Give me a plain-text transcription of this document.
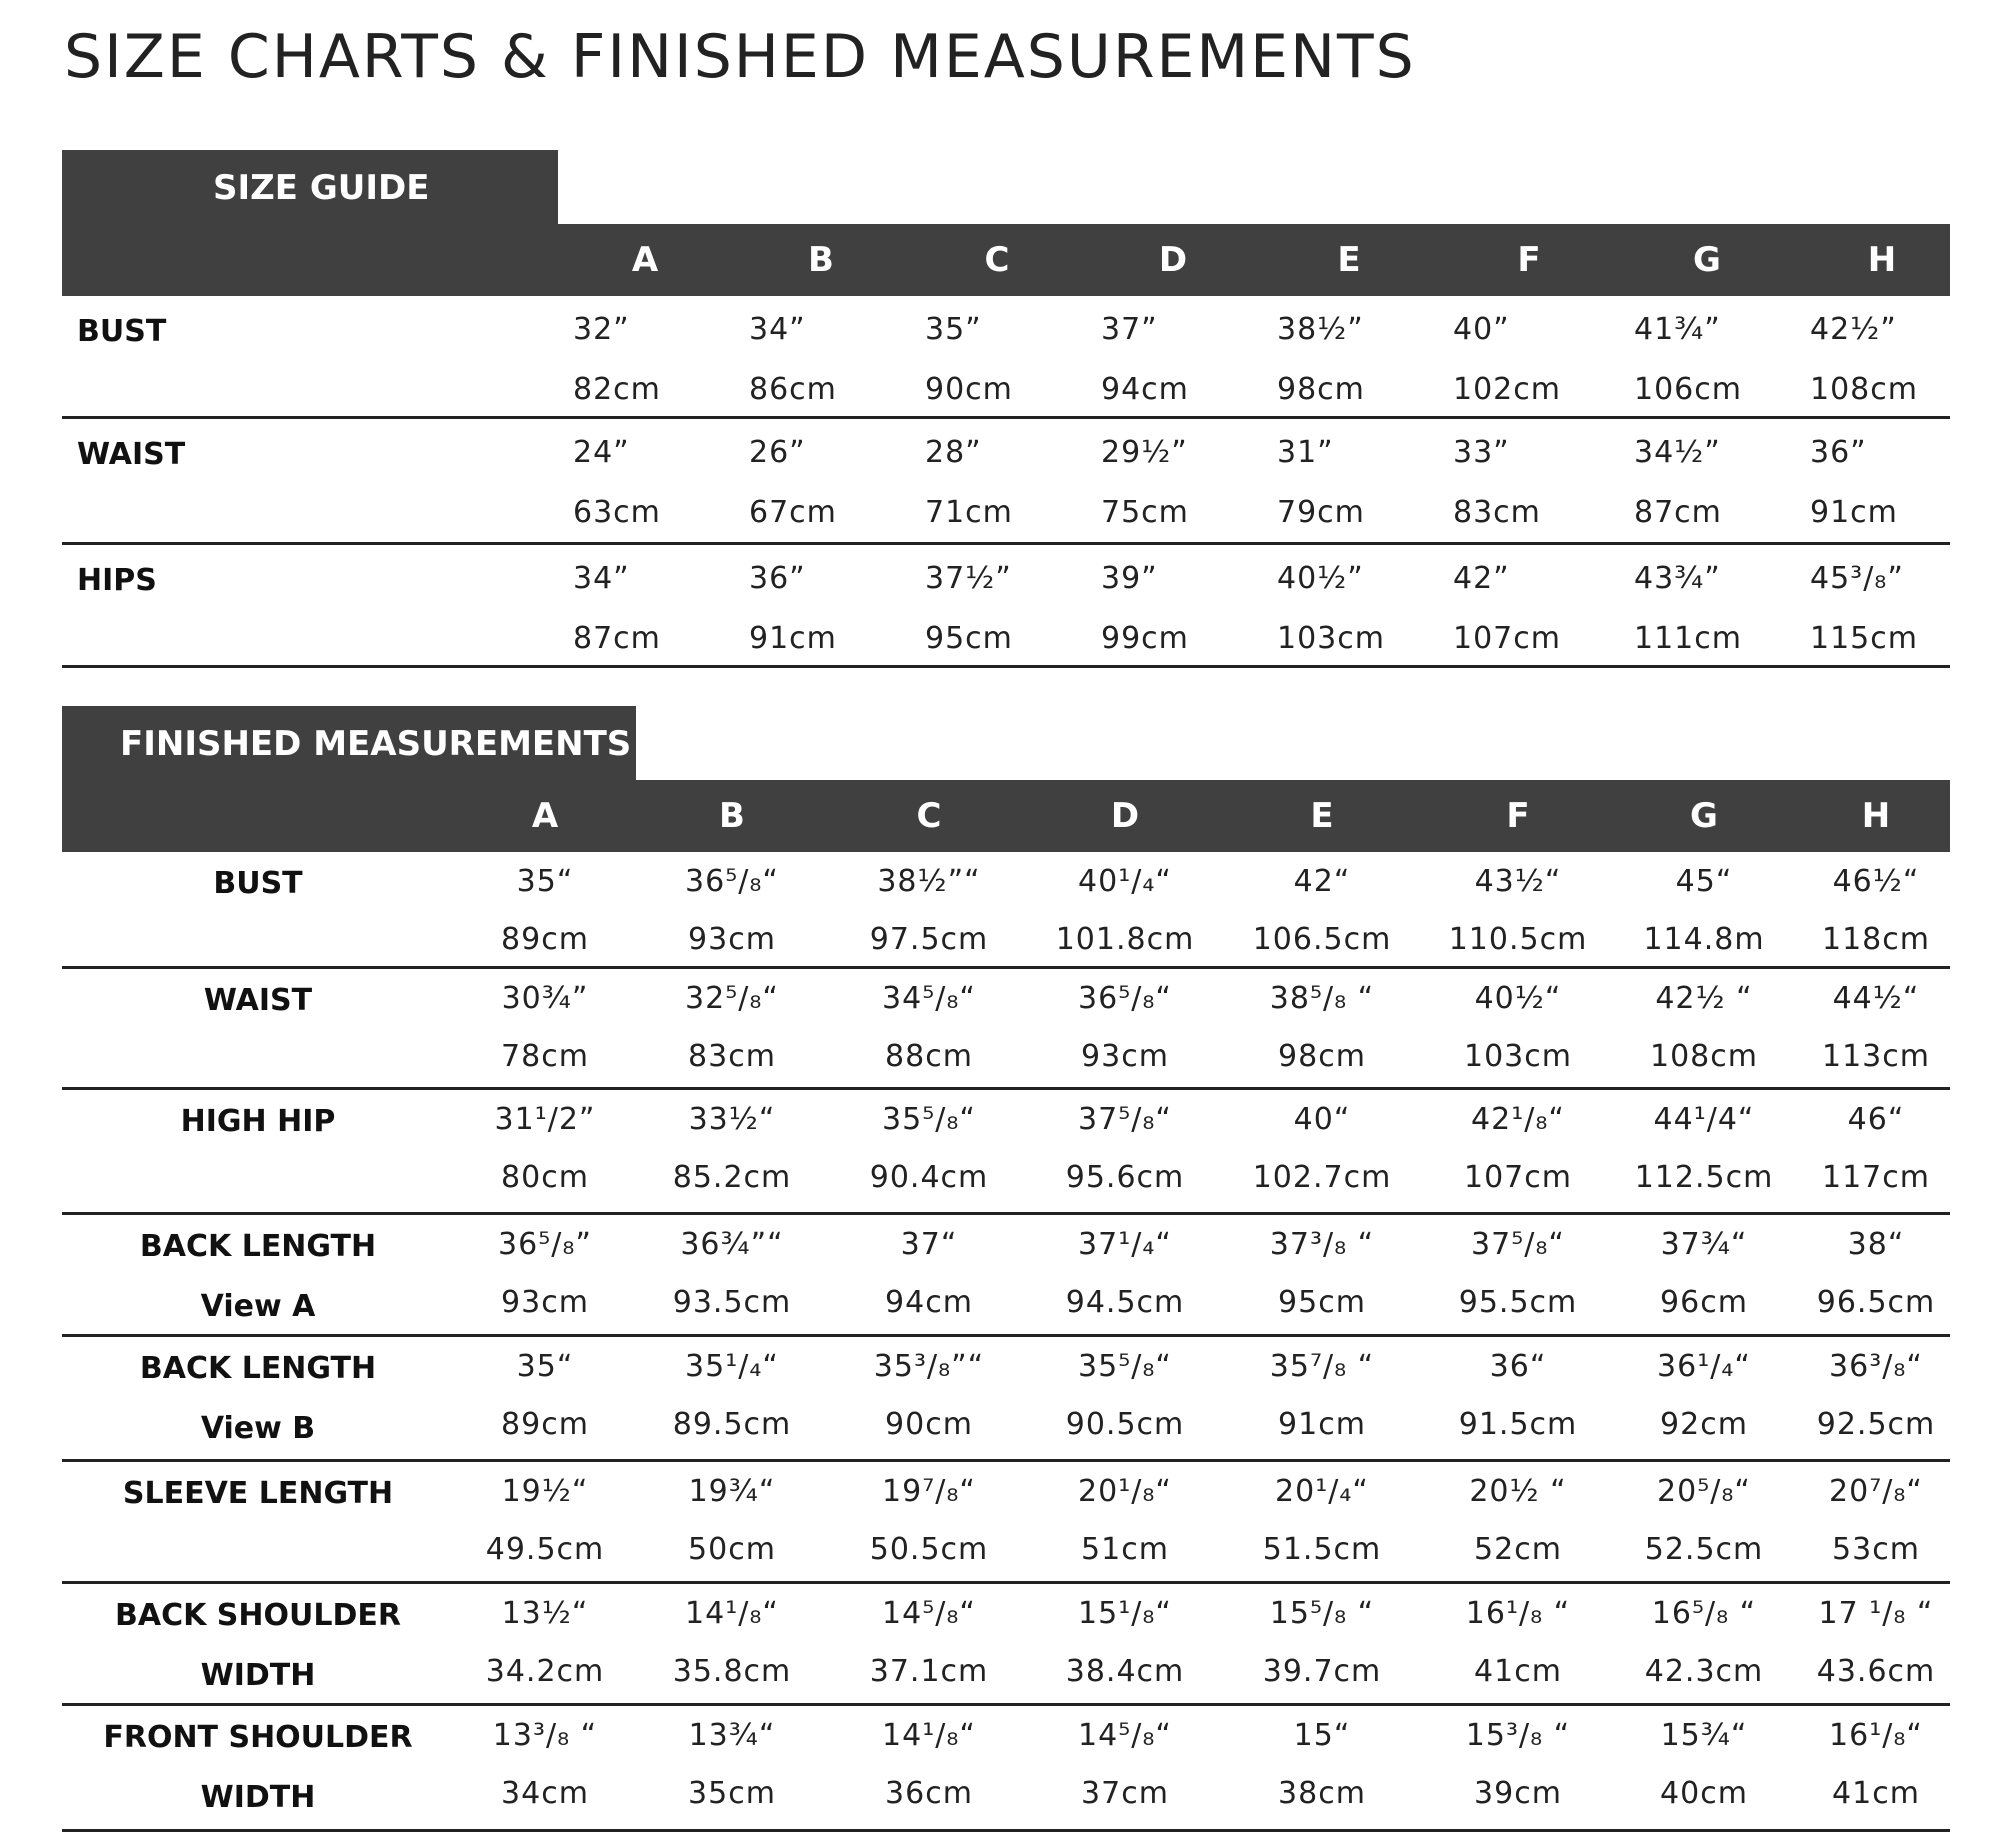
SIZE CHARTS & FINISHED MEASUREMENTS
SIZE GUIDE
A	B	C	D	E	F	G	H
BUST	32”	34”	35”	37”	38½”	40”	41¾”	42½”
82cm	86cm	90cm	94cm	98cm	102cm 106cm 108cm
WAIST	24”	26”	28”	29½”	31”	33”	34½”	36”
63cm	67cm	71cm	75cm	79cm	83cm	87cm	91cm
HIPS	34”	36”	37½”	39”	40½”	42”	43¾”	45³/₈”
87cm	91cm	95cm	99cm	103cm 107cm 111cm 115cm
FINISHED MEASUREMENTS
A	B	C	D	E	F	G	H
BUST	35“	36⁵/₈“	38½”“	40¹/₄“	42“	43½“	45“	46½“
89cm	93cm	97.5cm	101.8cm	106.5cm	110.5cm	114.8m	118cm
WAIST	30¾”	32⁵/₈“	34⁵/₈“	36⁵/₈“	38⁵/₈ “	40½“	42½ “	44½“
78cm	83cm	88cm	93cm	98cm	103cm	108cm	113cm
HIGH HIP	31¹/2”	33½“	35⁵/₈“	37⁵/₈“	40“	42¹/₈“	44¹/4“	46“
80cm	85.2cm	90.4cm	95.6cm	102.7cm	107cm	112.5cm	117cm
BACK LENGTH
View A
36⁵/₈”	36¾”“	37“	37¹/₄“	37³/₈ “	37⁵/₈“	37¾“	38“
93cm	93.5cm	94cm	94.5cm	95cm	95.5cm	96cm	96.5cm
BACK LENGTH
View B
35“	35¹/₄“	35³/₈”“	35⁵/₈“	35⁷/₈ “	36“	36¹/₄“	36³/₈“
89cm	89.5cm	90cm	90.5cm	91cm	91.5cm	92cm	92.5cm
SLEEVE LENGTH	19½“	19¾“	19⁷/₈“	20¹/₈“	20¹/₄“	20½ “	20⁵/₈“	20⁷/₈“
49.5cm	50cm	50.5cm	51cm	51.5cm	52cm	52.5cm	53cm
BACK SHOULDER
WIDTH
13½“	14¹/₈“	14⁵/₈“	15¹/₈“	15⁵/₈ “	16¹/₈ “	16⁵/₈ “	17 ¹/₈ “
34.2cm	35.8cm	37.1cm	38.4cm	39.7cm	41cm	42.3cm	43.6cm
FRONT SHOULDER
WIDTH
13³/₈ “	13¾“	14¹/₈“	14⁵/₈“	15“	15³/₈ “	15¾“	16¹/₈“
34cm	35cm	36cm	37cm	38cm	39cm	40cm	41cm
